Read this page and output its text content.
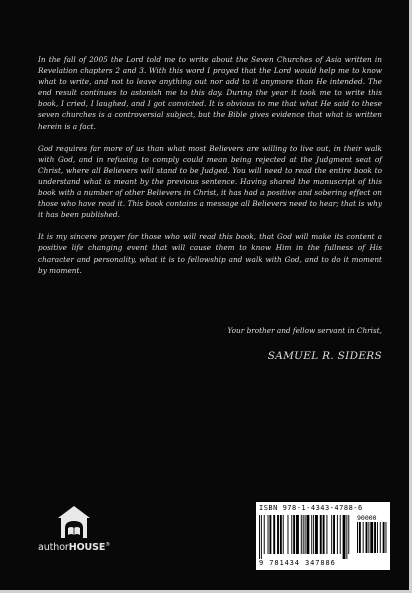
In the fall of 2005 the Lord told me to write about the Seven Churches of Asia written in Revelation chapters 2 and 3. With this word I prayed that the Lord would help me to know what to write, and not to leave anything out nor add to it anymore than He intended. The end result continues to astonish me to this day. During the year it took me to write this book, I cried, I laughed, and I got convicted. It is obvious to me that what He said to these seven churches is a controversial subject, but the Bible gives evidence that what is written herein is a fact.

God requires far more of us than what most Believers are willing to live out, in their walk with God, and in refusing to comply could mean being rejected at the Judgment seat of Christ, where all Believers will stand to be Judged. You will need to read the entire book to understand what is meant by the previous sentence. Having shared the manuscript of this book with a number of other Believers in Christ, it has had a positive and sobering effect on those who have read it. This book contains a message all Believers need to hear; that is why it has been published.

It is my sincere prayer for those who will read this book, that God will make its content a positive life changing event that will cause them to know Him in the fullness of His character and personality, what it is to fellowship and walk with God, and to do it moment by moment.

Your brother and fellow servant in Christ,
SAMUEL R. SIDERS
authorHOUSE®
ISBN 978-1-4343-4788-6
90000
9 781434 347886
